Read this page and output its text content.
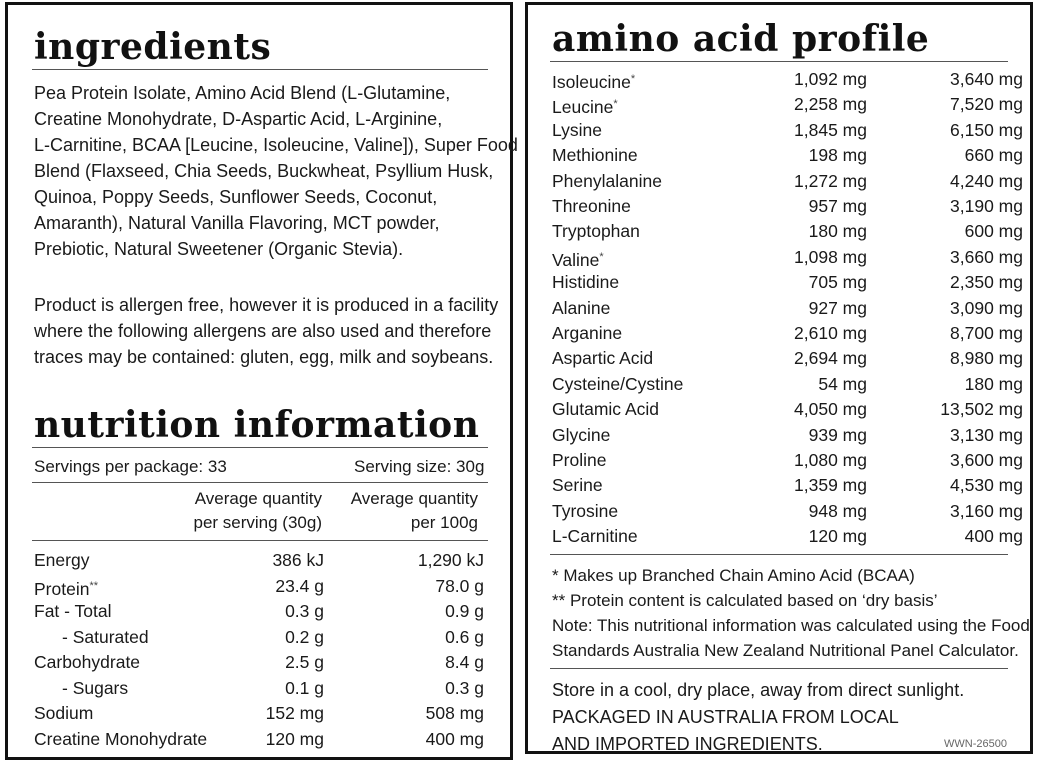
ingredients
Pea Protein Isolate, Amino Acid Blend (L-Glutamine,
Creatine Monohydrate, D-Aspartic Acid, L-Arginine,
L-Carnitine, BCAA [Leucine, Isoleucine, Valine]), Super Food
Blend (Flaxseed, Chia Seeds, Buckwheat, Psyllium Husk,
Quinoa, Poppy Seeds, Sunflower Seeds, Coconut,
Amaranth), Natural Vanilla Flavoring, MCT powder,
Prebiotic, Natural Sweetener (Organic Stevia).
Product is allergen free, however it is produced in a facility
where the following allergens are also used and therefore
traces may be contained: gluten, egg, milk and soybeans.
nutrition information
Servings per package: 33	Serving size: 30g
Average quantity
per serving (30g)
Average quantity
per 100g
Energy	386 kJ	1,290 kJ
Protein**	23.4 g	78.0 g
Fat - Total	0.3 g	0.9 g
- Saturated	0.2 g	0.6 g
Carbohydrate	2.5 g	8.4 g
- Sugars	0.1 g	0.3 g
Sodium	152 mg	508 mg
Creatine Monohydrate	120 mg	400 mg
amino acid profile
Isoleucine*	1,092 mg	3,640 mg
Leucine*	2,258 mg	7,520 mg
Lysine	1,845 mg	6,150 mg
Methionine	198 mg	660 mg
Phenylalanine	1,272 mg	4,240 mg
Threonine	957 mg	3,190 mg
Tryptophan	180 mg	600 mg
Valine*	1,098 mg	3,660 mg
Histidine	705 mg	2,350 mg
Alanine	927 mg	3,090 mg
Arganine	2,610 mg	8,700 mg
Aspartic Acid	2,694 mg	8,980 mg
Cysteine/Cystine	54 mg	180 mg
Glutamic Acid	4,050 mg	13,502 mg
Glycine	939 mg	3,130 mg
Proline	1,080 mg	3,600 mg
Serine	1,359 mg	4,530 mg
Tyrosine	948 mg	3,160 mg
L-Carnitine	120 mg	400 mg
* Makes up Branched Chain Amino Acid (BCAA)
** Protein content is calculated based on ‘dry basis’
Note: This nutritional information was calculated using the Food
Standards Australia New Zealand Nutritional Panel Calculator.
Store in a cool, dry place, away from direct sunlight.
PACKAGED IN AUSTRALIA FROM LOCAL
AND IMPORTED INGREDIENTS.	WWN-26500
